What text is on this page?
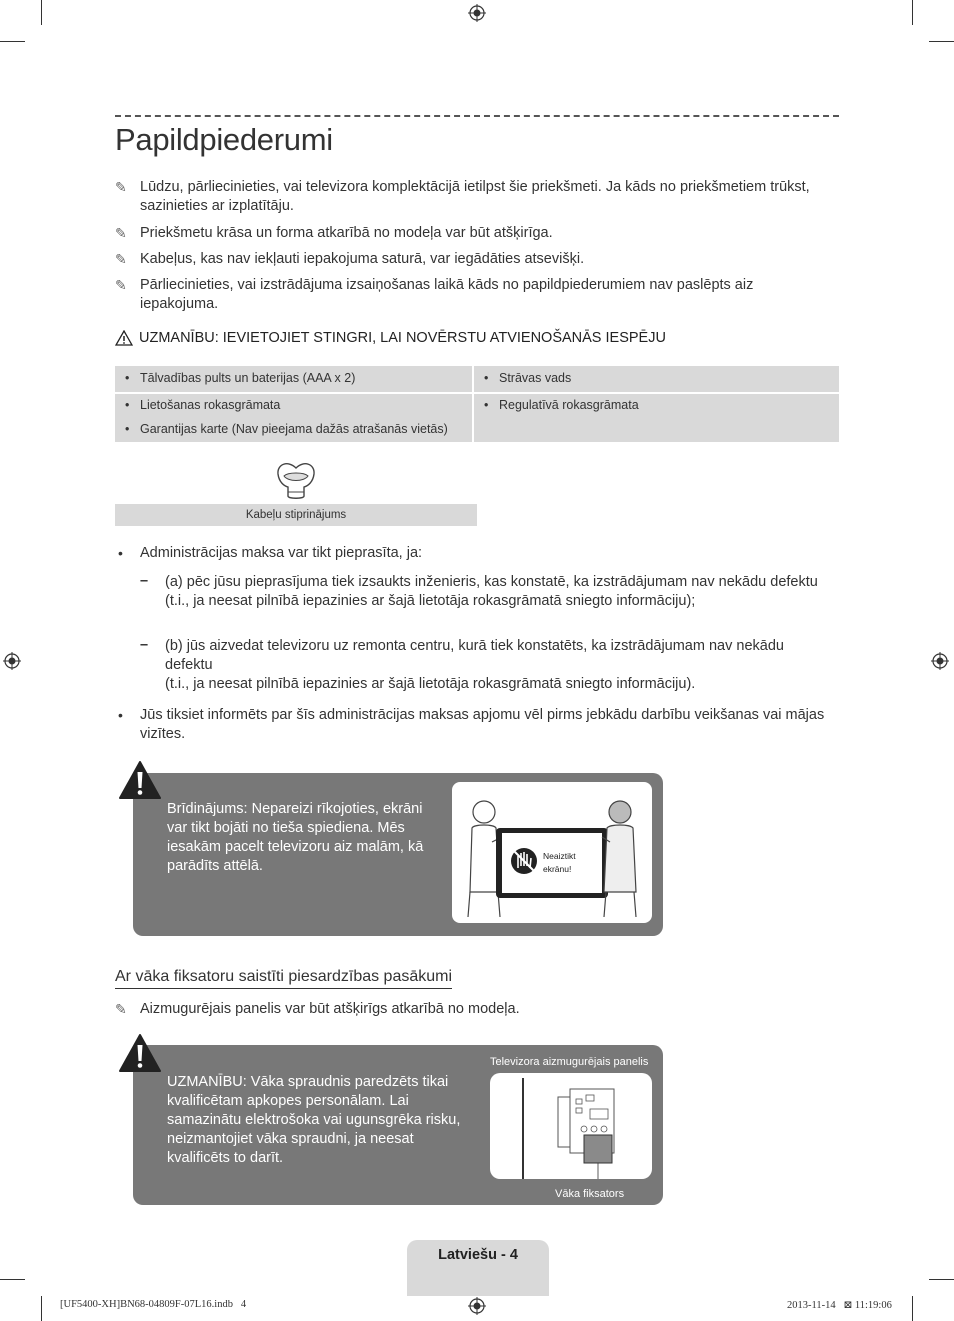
Papildpiederumi
✎ Lūdzu, pārliecinieties, vai televizora komplektācijā ietilpst šie priekšmeti. Ja kāds no priekšmetiem trūkst, sazinieties ar izplatītāju.
✎ Priekšmetu krāsa un forma atkarībā no modeļa var būt atšķirīga.
✎ Kabeļus, kas nav iekļauti iepakojuma saturā, var iegādāties atsevišķi.
✎ Pārliecinieties, vai izstrādājuma izsaiņošanas laikā kāds no papildpiederumiem nav paslēpts aiz iepakojuma.
UZMANĪBU: IEVIETOJIET STINGRI, LAI NOVĒRSTU ATVIENOŠANĀS IESPĒJU
• Tālvadības pults un baterijas (AAA x 2)
• Lietošanas rokasgrāmata
• Garantijas karte (Nav pieejama dažās atrašanās vietās)
• Strāvas vads
• Regulatīvā rokasgrāmata
Kabeļu stiprinājums
• Administrācijas maksa var tikt pieprasīta, ja:
– (a) pēc jūsu pieprasījuma tiek izsaukts inženieris, kas konstatē, ka izstrādājumam nav nekādu defektu
(t.i., ja neesat pilnībā iepazinies ar šajā lietotāja rokasgrāmatā sniegto informāciju);
– (b) jūs aizvedat televizoru uz remonta centru, kurā tiek konstatēts, ka izstrādājumam nav nekādu defektu
(t.i., ja neesat pilnībā iepazinies ar šajā lietotāja rokasgrāmatā sniegto informāciju).
• Jūs tiksiet informēts par šīs administrācijas maksas apjomu vēl pirms jebkādu darbību veikšanas vai mājas vizītes.
Brīdinājums: Nepareizi rīkojoties, ekrāni var tikt bojāti no tieša spiediena. Mēs iesakām pacelt televizoru aiz malām, kā parādīts attēlā.
Neaiztikt
ekrānu!
Ar vāka fiksatoru saistīti piesardzības pasākumi
✎ Aizmugurējais panelis var būt atšķirīgs atkarībā no modeļa.
UZMANĪBU: Vāka spraudnis paredzēts tikai kvalificētam apkopes personālam. Lai samazinātu elektrošoka vai ugunsgrēka risku, neizmantojiet vāka spraudni, ja neesat kvalificēts to darīt.
Televizora aizmugurējais panelis
Vāka fiksators
Latviešu - 4
[UF5400-XH]BN68-04809F-07L16.indb   4	2013-11-14   ⊠ 11:19:06
